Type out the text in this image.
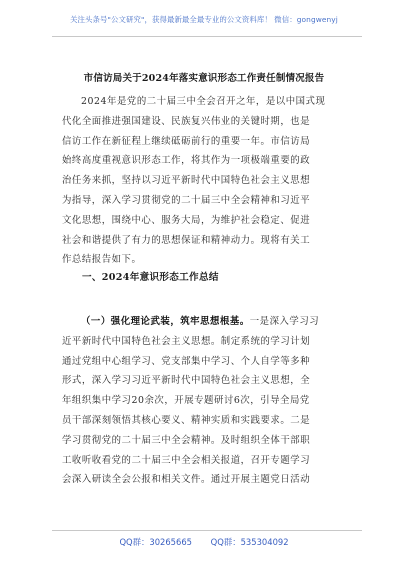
关注头条号"公文研究"，获得最新最全最专业的公文资料库！ 微信：gongwenyj
市信访局关于2024年落实意识形态工作责任制情况报告
2024年是党的二十届三中全会召开之年，是以中国式现
代化全面推进强国建设、民族复兴伟业的关键时期，也是
信访工作在新征程上继续砥砺前行的重要一年。市信访局
始终高度重视意识形态工作，将其作为一项极端重要的政
治任务来抓，坚持以习近平新时代中国特色社会主义思想
为指导，深入学习贯彻党的二十届三中全会精神和习近平
文化思想，围绕中心、服务大局，为维护社会稳定、促进
社会和谐提供了有力的思想保证和精神动力。现将有关工
作总结报告如下。
一、2024年意识形态工作总结
（一）强化理论武装，筑牢思想根基。一是深入学习习
近平新时代中国特色社会主义思想。制定系统的学习计划
通过党组中心组学习、党支部集中学习、个人自学等多种
形式，深入学习习近平新时代中国特色社会主义思想，全
年组织集中学习20余次，开展专题研讨6次，引导全局党
员干部深刻领悟其核心要义、精神实质和实践要求。二是
学习贯彻党的二十届三中全会精神。及时组织全体干部职
工收听收看党的二十届三中全会相关报道，召开专题学习
会深入研读全会公报和相关文件。通过开展主题党日活动
QQ群：30265665 QQ群：535304092
